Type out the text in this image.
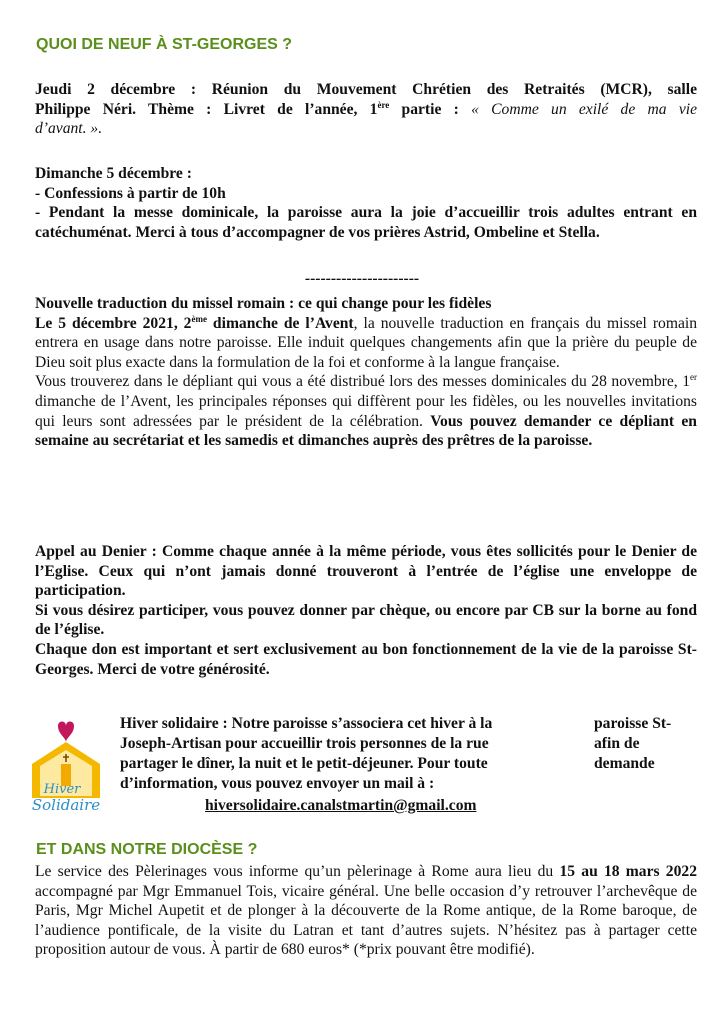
QUOI DE NEUF À ST-GEORGES ?
Jeudi 2 décembre : Réunion du Mouvement Chrétien des Retraités (MCR), salle
Philippe Néri. Thème : Livret de l’année, 1ère partie : « Comme un exilé de ma vie
d’avant. ».
Dimanche 5 décembre :
- Confessions à partir de 10h
- Pendant la messe dominicale, la paroisse aura la joie d’accueillir trois adultes entrant en catéchuménat. Merci à tous d’accompagner de vos prières Astrid, Ombeline et Stella.
----------------------
Nouvelle traduction du missel romain : ce qui change pour les fidèles
Le 5 décembre 2021, 2ème dimanche de l’Avent, la nouvelle traduction en français du missel romain entrera en usage dans notre paroisse. Elle induit quelques changements afin que la prière du peuple de Dieu soit plus exacte dans la formulation de la foi et conforme à la langue française.
Vous trouverez dans le dépliant qui vous a été distribué lors des messes dominicales du 28 novembre, 1er dimanche de l’Avent, les principales réponses qui diffèrent pour les fidèles, ou les nouvelles invitations qui leurs sont adressées par le président de la célébration. Vous pouvez demander ce dépliant en semaine au secrétariat et les samedis et dimanches auprès des prêtres de la paroisse.
Appel au Denier : Comme chaque année à la même période, vous êtes sollicités pour le Denier de l’Eglise. Ceux qui n’ont jamais donné trouveront à l’entrée de l’église une enveloppe de participation.
Si vous désirez participer, vous pouvez donner par chèque, ou encore par CB sur la borne au fond de l’église.
Chaque don est important et sert exclusivement au bon fonctionnement de la vie de la paroisse St-Georges. Merci de votre générosité.
Hiver
Solidaire
Hiver solidaire : Notre paroisse s’associera cet hiver à la	paroisse St-
Joseph-Artisan pour accueillir trois personnes de la rue	afin de
partager le dîner, la nuit et le petit-déjeuner. Pour toute	demande
d’information, vous pouvez envoyer un mail à :
hiversolidaire.canalstmartin@gmail.com
ET DANS NOTRE DIOCÈSE ?
Le service des Pèlerinages vous informe qu’un pèlerinage à Rome aura lieu du 15 au 18 mars 2022 accompagné par Mgr Emmanuel Tois, vicaire général. Une belle occasion d’y retrouver l’archevêque de Paris, Mgr Michel Aupetit et de plonger à la découverte de la Rome antique, de la Rome baroque, de l’audience pontificale, de la visite du Latran et tant d’autres sujets. N’hésitez pas à partager cette proposition autour de vous. À partir de 680 euros* (*prix pouvant être modifié).
